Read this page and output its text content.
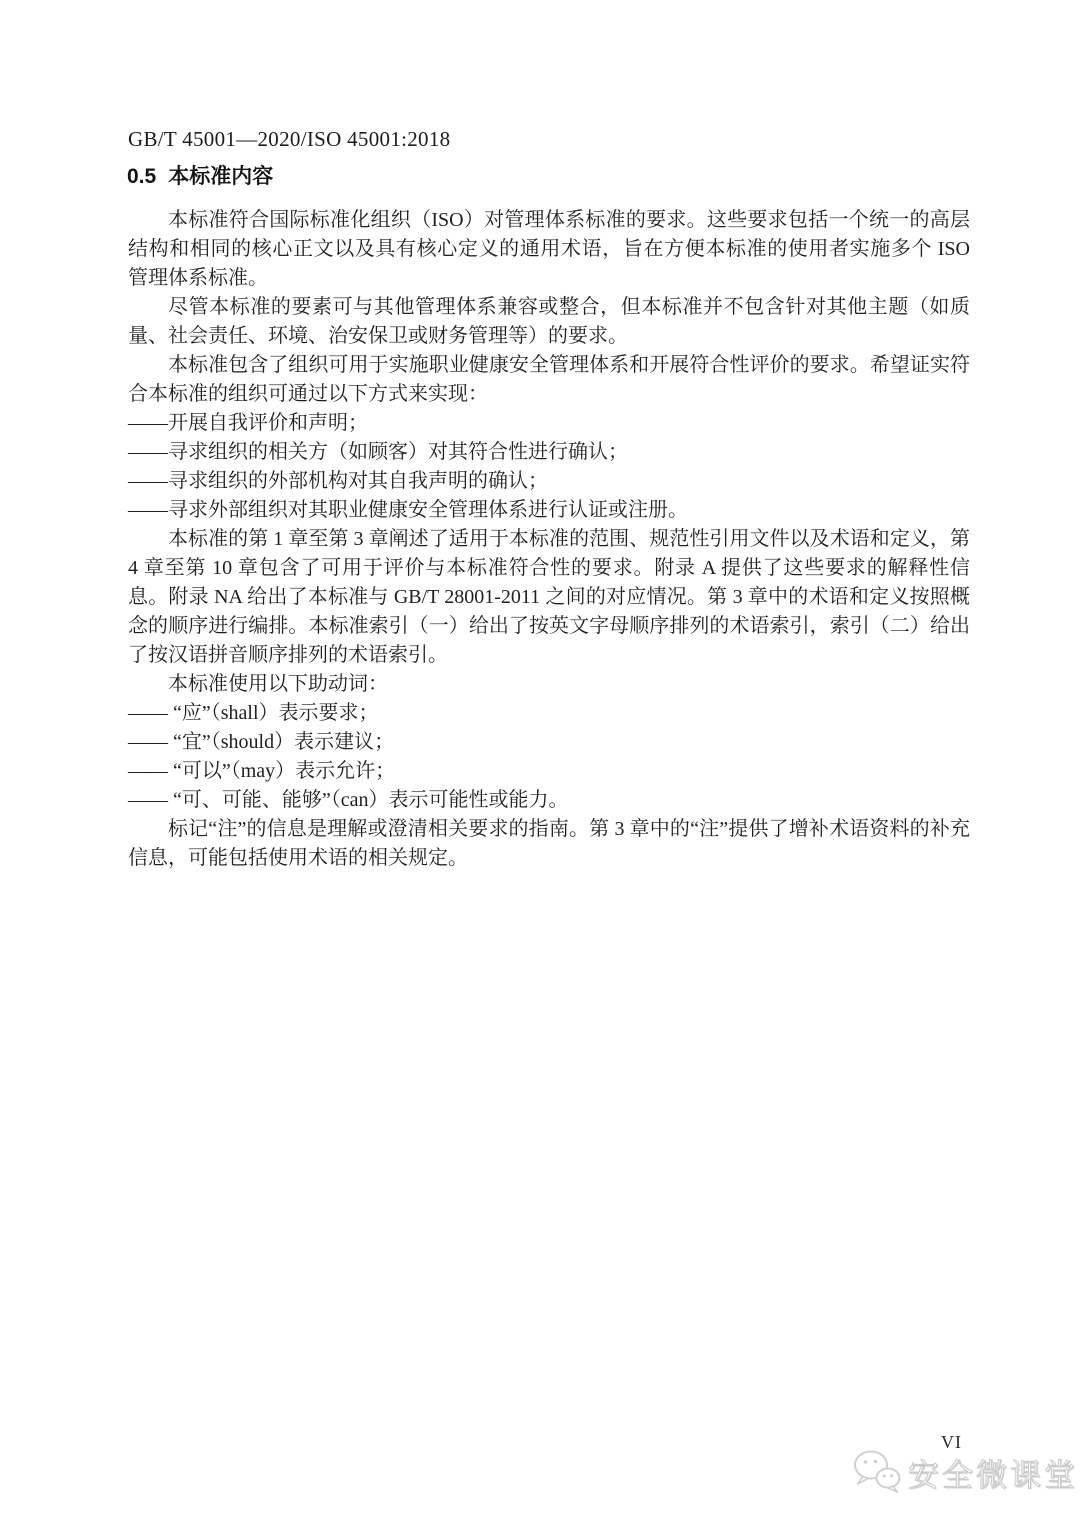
GB/T 45001—2020/ISO 45001:2018
0.5 本标准内容

本标准符合国际标准化组织（ISO）对管理体系标准的要求。这些要求包括一个统一的高层结构和相同的核心正文以及具有核心定义的通用术语，旨在方便本标准的使用者实施多个 ISO 管理体系标准。

尽管本标准的要素可与其他管理体系兼容或整合，但本标准并不包含针对其他主题（如质量、社会责任、环境、治安保卫或财务管理等）的要求。

本标准包含了组织可用于实施职业健康安全管理体系和开展符合性评价的要求。希望证实符合本标准的组织可通过以下方式来实现：

——开展自我评价和声明；

——寻求组织的相关方（如顾客）对其符合性进行确认；

——寻求组织的外部机构对其自我声明的确认；

——寻求外部组织对其职业健康安全管理体系进行认证或注册。

本标准的第 1 章至第 3 章阐述了适用于本标准的范围、规范性引用文件以及术语和定义，第 4 章至第 10 章包含了可用于评价与本标准符合性的要求。附录 A 提供了这些要求的解释性信息。附录 NA 给出了本标准与 GB/T 28001-2011 之间的对应情况。第 3 章中的术语和定义按照概念的顺序进行编排。本标准索引（一）给出了按英文字母顺序排列的术语索引，索引（二）给出了按汉语拼音顺序排列的术语索引。

本标准使用以下助动词：

—— “应”（shall）表示要求；

—— “宜”（should）表示建议；

—— “可以”（may）表示允许；

—— “可、可能、能够”（can）表示可能性或能力。

标记“注”的信息是理解或澄清相关要求的指南。第 3 章中的“注”提供了增补术语资料的补充信息，可能包括使用术语的相关规定。

VI
安全微课堂
